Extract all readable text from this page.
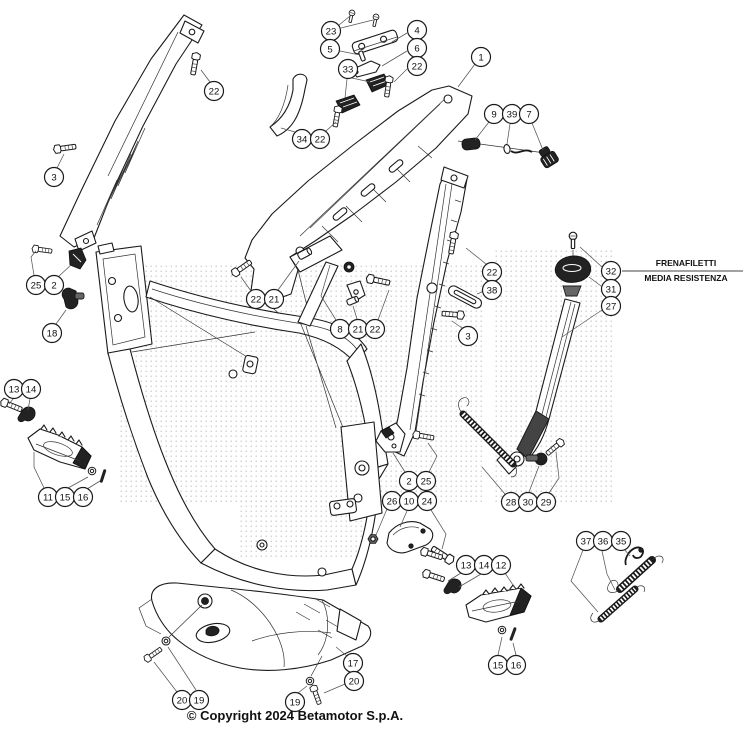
FRENAFILETTI
MEDIA RESISTENZA
23	4
5	6
22
33
1
22
34 22
9 39 7
3
25 2
18
32
31
27
22
38
3
22 21
8 21 22
13 14
11 15 16
2 25
26 10 24	28 30 29
37 36 35
13 14 12
15 16
17
20
19
20 19
© Copyright 2024 Betamotor S.p.A.
